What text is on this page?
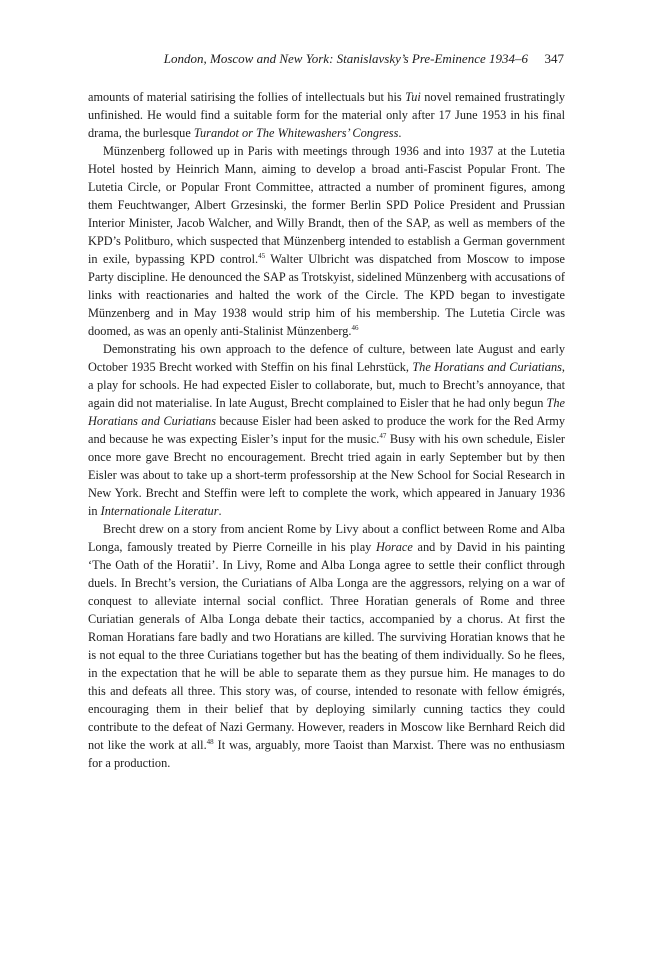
London, Moscow and New York: Stanislavsky’s Pre-Eminence 1934–6 347

amounts of material satirising the follies of intellectuals but his Tui novel remained frustratingly unfinished. He would find a suitable form for the material only after 17 June 1953 in his final drama, the burlesque Turandot or The Whitewashers’ Congress.

Münzenberg followed up in Paris with meetings through 1936 and into 1937 at the Lutetia Hotel hosted by Heinrich Mann, aiming to develop a broad anti-Fascist Popular Front. The Lutetia Circle, or Popular Front Committee, attracted a number of prominent figures, among them Feuchtwanger, Albert Grzesinski, the former Berlin SPD Police President and Prussian Interior Minister, Jacob Walcher, and Willy Brandt, then of the SAP, as well as members of the KPD’s Politburo, which suspected that Münzenberg intended to establish a German government in exile, bypassing KPD control.$^{45}$ Walter Ulbricht was dispatched from Moscow to impose Party discipline. He denounced the SAP as Trotskyist, sidelined Münzenberg with accusations of links with reactionaries and halted the work of the Circle. The KPD began to investigate Münzenberg and in May 1938 would strip him of his membership. The Lutetia Circle was doomed, as was an openly anti-Stalinist Münzenberg.$^{46}$

Demonstrating his own approach to the defence of culture, between late August and early October 1935 Brecht worked with Steffin on his final Lehrstück, The Horatians and Curiatians, a play for schools. He had expected Eisler to collaborate, but, much to Brecht’s annoyance, that again did not materialise. In late August, Brecht complained to Eisler that he had only begun The Horatians and Curiatians because Eisler had been asked to produce the work for the Red Army and because he was expecting Eisler’s input for the music.$^{47}$ Busy with his own schedule, Eisler once more gave Brecht no encouragement. Brecht tried again in early September but by then Eisler was about to take up a short-term professorship at the New School for Social Research in New York. Brecht and Steffin were left to complete the work, which appeared in January 1936 in Internationale Literatur.

Brecht drew on a story from ancient Rome by Livy about a conflict between Rome and Alba Longa, famously treated by Pierre Corneille in his play Horace and by David in his painting ‘The Oath of the Horatii’. In Livy, Rome and Alba Longa agree to settle their conflict through duels. In Brecht’s version, the Curiatians of Alba Longa are the aggressors, relying on a war of conquest to alleviate internal social conflict. Three Horatian generals of Rome and three Curiatian generals of Alba Longa debate their tactics, accompanied by a chorus. At first the Roman Horatians fare badly and two Horatians are killed. The surviving Horatian knows that he is not equal to the three Curiatians together but has the beating of them individually. So he flees, in the expectation that he will be able to separate them as they pursue him. He manages to do this and defeats all three. This story was, of course, intended to resonate with fellow émigrés, encouraging them in their belief that by deploying similarly cunning tactics they could contribute to the defeat of Nazi Germany. However, readers in Moscow like Bernhard Reich did not like the work at all.$^{48}$ It was, arguably, more Taoist than Marxist. There was no enthusiasm for a production.
